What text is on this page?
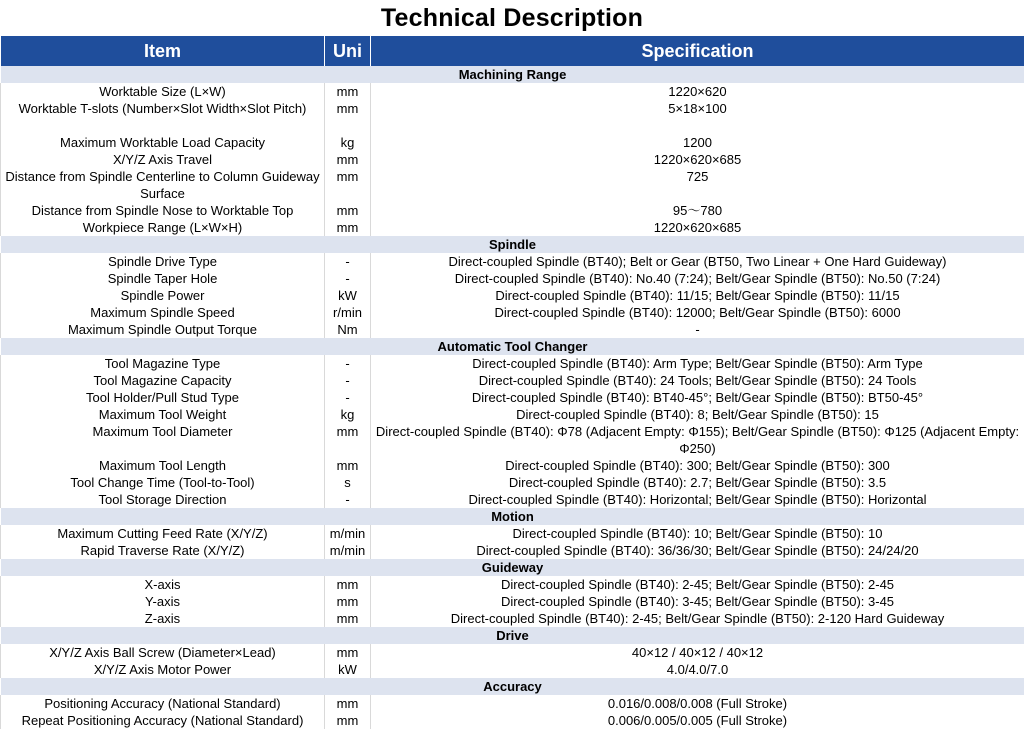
Technical Description
Item	Uni	Specification
Machining Range		
Worktable Size (L×W)	mm	1220×620
Worktable T-slots (Number×Slot Width×Slot Pitch)	mm	5×18×100
Maximum Worktable Load Capacity	kg	1200
X/Y/Z Axis Travel	mm	1220×620×685
Distance from Spindle Centerline to Column Guideway Surface	mm	725
Distance from Spindle Nose to Worktable Top	mm	95～780
Workpiece Range (L×W×H)	mm	1220×620×685
Spindle		
Spindle Drive Type	-	Direct-coupled Spindle (BT40); Belt or Gear (BT50, Two Linear + One Hard Guideway)
Spindle Taper Hole	-	Direct-coupled Spindle (BT40): No.40 (7:24); Belt/Gear Spindle (BT50): No.50 (7:24)
Spindle Power	kW	Direct-coupled Spindle (BT40): 11/15; Belt/Gear Spindle (BT50): 11/15
Maximum Spindle Speed	r/min	Direct-coupled Spindle (BT40): 12000; Belt/Gear Spindle (BT50): 6000
Maximum Spindle Output Torque	Nm	-
Automatic Tool Changer		
Tool Magazine Type	-	Direct-coupled Spindle (BT40): Arm Type; Belt/Gear Spindle (BT50): Arm Type
Tool Magazine Capacity	-	Direct-coupled Spindle (BT40): 24 Tools; Belt/Gear Spindle (BT50): 24 Tools
Tool Holder/Pull Stud Type	-	Direct-coupled Spindle (BT40): BT40-45°; Belt/Gear Spindle (BT50): BT50-45°
Maximum Tool Weight	kg	Direct-coupled Spindle (BT40): 8; Belt/Gear Spindle (BT50): 15
Maximum Tool Diameter	mm	Direct-coupled Spindle (BT40): Φ78 (Adjacent Empty: Φ155); Belt/Gear Spindle (BT50): Φ125 (Adjacent Empty: Φ250)
Maximum Tool Length	mm	Direct-coupled Spindle (BT40): 300; Belt/Gear Spindle (BT50): 300
Tool Change Time (Tool-to-Tool)	s	Direct-coupled Spindle (BT40): 2.7; Belt/Gear Spindle (BT50): 3.5
Tool Storage Direction	-	Direct-coupled Spindle (BT40): Horizontal; Belt/Gear Spindle (BT50): Horizontal
Motion		
Maximum Cutting Feed Rate (X/Y/Z)	m/min	Direct-coupled Spindle (BT40): 10; Belt/Gear Spindle (BT50): 10
Rapid Traverse Rate (X/Y/Z)	m/min	Direct-coupled Spindle (BT40): 36/36/30; Belt/Gear Spindle (BT50): 24/24/20
Guideway		
X-axis	mm	Direct-coupled Spindle (BT40): 2-45; Belt/Gear Spindle (BT50): 2-45
Y-axis	mm	Direct-coupled Spindle (BT40): 3-45; Belt/Gear Spindle (BT50): 3-45
Z-axis	mm	Direct-coupled Spindle (BT40): 2-45; Belt/Gear Spindle (BT50): 2-120 Hard Guideway
Drive		
X/Y/Z Axis Ball Screw (Diameter×Lead)	mm	40×12 / 40×12 / 40×12
X/Y/Z Axis Motor Power	kW	4.0/4.0/7.0
Accuracy		
Positioning Accuracy (National Standard)	mm	0.016/0.008/0.008 (Full Stroke)
Repeat Positioning Accuracy (National Standard)	mm	0.006/0.005/0.005 (Full Stroke)
